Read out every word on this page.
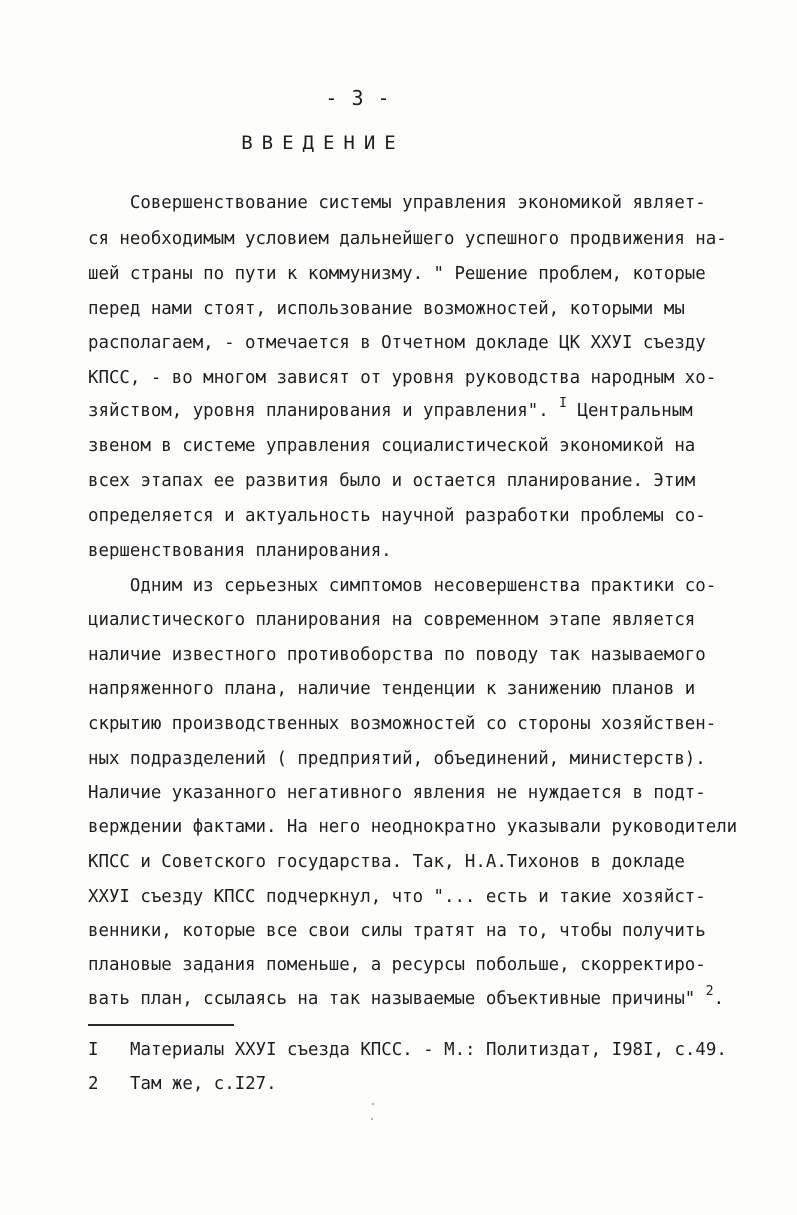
- 3 -
ВВЕДЕНИЕ
Совершенствование системы управления экономикой являет-
ся необходимым условием дальнейшего успешного продвижения на-
шей страны по пути к коммунизму. " Решение проблем, которые
перед нами стоят, использование возможностей, которыми мы
располагаем, - отмечается в Отчетном докладе ЦК ХХУI съезду
КПСС, - во многом зависят от уровня руководства народным хо-
зяйством, уровня планирования и управления". $^I$ Центральным
звеном в системе управления социалистической экономикой на
всех этапах ее развития было и остается планирование. Этим
определяется и актуальность научной разработки проблемы со-
вершенствования планирования.
Одним из серьезных симптомов несовершенства практики со-
циалистического планирования на современном этапе является
наличие известного противоборства по поводу так называемого
напряженного плана, наличие тенденции к занижению планов и
скрытию производственных возможностей со стороны хозяйствен-
ных подразделений ( предприятий, объединений, министерств).
Наличие указанного негативного явления не нуждается в подт-
верждении фактами. На него неоднократно указывали руководители
КПСС и Советского государства. Так, Н.А.Тихонов в докладе
ХХУI съезду КПСС подчеркнул, что "... есть и такие хозяйст-
венники, которые все свои силы тратят на то, чтобы получить
плановые задания поменьше, а ресурсы побольше, скорректиро-
вать план, ссылаясь на так называемые объективные причины" $^2$.
I Материалы ХХУI съезда КПСС. - М.: Политиздат, I98I, с.49.
2 Там же, с.I27.
